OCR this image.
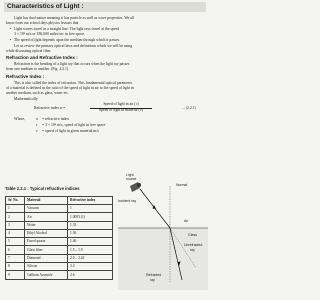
Characteristics of Light :
Light has dual nature meaning it has particle as well as wave properties. We all
know from our school days physics lessons that
• Light waves travel in a straight line. The light rays travel at the speed
3 × 10⁸ m/s or 186,000 miles/sec in free space.
• The speed of light depends upon the medium through which it passes.
Let us review the primary optical laws and definitions which we will be using
while discussing optical fiber.
Refraction and Refractive Index :
Refraction is the bending of a light ray that occurs when the light ray passes
from one medium to another. (Fig. 2.2.1)
Refractive Index :
This is also called the index of refraction. This fundamental optical parameter
of a material is defined as the ratio of the speed of light in air to the speed of light in
another medium, such as glass, water etc.
Mathematically
Refractive index n =
Speed of light in air (c)
Speed of light in material (v)	... (2.2.1)
Where,	n = refractive index
c = 3 × 10⁸ m/s, speed of light in free space
v = speed of light in given material m/s
Table 2.2.1 : Typical refractive indices
Sr. No.	Material	Refractive index
1	Vacuum	1
2	Air	1.0003 (1)
3	Water	1.33
4	Ethyl Alcohol	1.36
5	Fused quartz	1.46
6	Glass fiber	1.5 – 1.9
7	Diamond	2.0 – 2.42
8	Silicon	3.4
9	Gallium Arsenide	2.6
Light
source
Incident ray
Normal
Air
Glass
Unrefracted
ray
Refracted
ray
